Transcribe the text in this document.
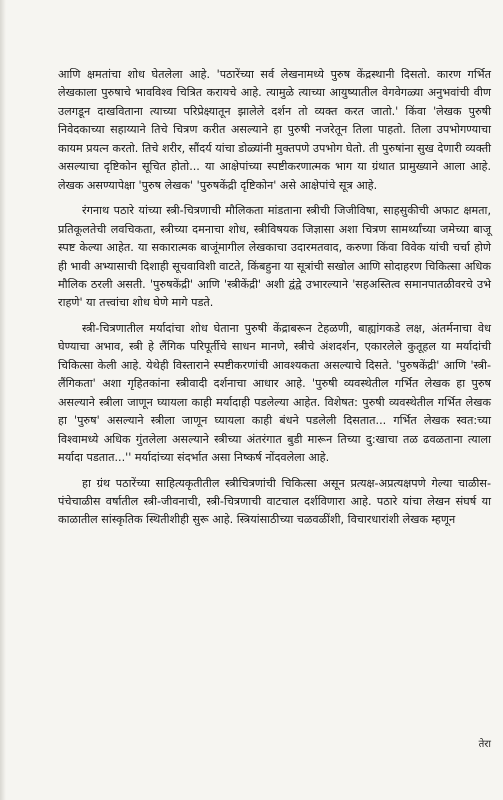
आणि क्षमतांचा शोध घेतलेला आहे. 'पठारेंच्या सर्व लेखनामध्ये पुरुष केंद्रस्थानी दिसतो. कारण गर्भित लेखकाला पुरुषाचे भावविश्व चित्रित करायचे आहे. त्यामुळे त्याच्या आयुष्यातील वेगवेगळ्या अनुभवांची वीण उलगडून दाखविताना त्याच्या परिप्रेक्ष्यातून झालेले दर्शन तो व्यक्त करत जातो.' किंवा 'लेखक पुरुषी निवेदकाच्या सहाय्याने तिचे चित्रण करीत असल्याने हा पुरुषी नजरेतून तिला पाहतो. तिला उपभोगण्याचा कायम प्रयत्न करतो. तिचे शरीर, सौंदर्य यांचा डोळ्यांनी मुक्तपणे उपभोग घेतो. ती पुरुषांना सुख देणारी व्यक्ती असल्याचा दृष्टिकोन सूचित होतो... या आक्षेपांच्या स्पष्टीकरणात्मक भाग या ग्रंथात प्रामुख्याने आला आहे. लेखक असण्यापेक्षा 'पुरुष लेखक' 'पुरुषकेंद्री दृष्टिकोन' असे आक्षेपांचे सूत्र आहे.

रंगनाथ पठारे यांच्या स्त्री-चित्रणाची मौलिकता मांडताना स्त्रीची जिजीविषा, साहसुकीची अफाट क्षमता, प्रतिकूलतेची लवचिकता, स्त्रीच्या दमनाचा शोध, स्त्रीविषयक जिज्ञासा अशा चित्रण सामर्थ्यांच्या जमेच्या बाजू स्पष्ट केल्या आहेत. या सकारात्मक बाजूंमागील लेखकाचा उदारमतवाद, करुणा किंवा विवेक यांची चर्चा होणे ही भावी अभ्यासाची दिशाही सूचवाविशी वाटते, किंबहुना या सूत्रांची सखोल आणि सोदाहरण चिकित्सा अधिक मौलिक ठरली असती. 'पुरुषकेंद्री' आणि 'स्त्रीकेंद्री' अशी द्वंद्वे उभारल्याने 'सहअस्तित्व समानपातळीवरचे उभे राहणे' या तत्त्वांचा शोध घेणे मागे पडते.

स्त्री-चित्रणातील मर्यादांचा शोध घेताना पुरुषी केंद्राबरून टेहळणी, बाह्यांगकडे लक्ष, अंतर्मनाचा वेध घेण्याचा अभाव, स्त्री हे लैंगिक परिपूर्तीचे साधन मानणे, स्त्रीचे अंशदर्शन, एकारलेले कुतूहल या मर्यादांची चिकित्सा केली आहे. येथेही विस्ताराने स्पष्टीकरणांची आवश्यकता असल्याचे दिसते. 'पुरुषकेंद्री' आणि 'स्त्री-लैंगिकता' अशा गृहितकांना स्त्रीवादी दर्शनाचा आधार आहे. 'पुरुषी व्यवस्थेतील गर्भित लेखक हा पुरुष असल्याने स्त्रीला जाणून घ्यायला काही मर्यादाही पडलेल्या आहेत. विशेषत: पुरुषी व्यवस्थेतील गर्भित लेखक हा 'पुरुष' असल्याने स्त्रीला जाणून घ्यायला काही बंधने पडलेली दिसतात... गर्भित लेखक स्वत:च्या विश्वामध्ये अधिक गुंतलेला असल्याने स्त्रीच्या अंतरंगात बुडी मारून तिच्या दु:खाचा तळ ढवळताना त्याला मर्यादा पडतात...'' मर्यादांच्या संदर्भात असा निष्कर्ष नोंदवलेला आहे.

हा ग्रंथ पठारेंच्या साहित्यकृतीतील स्त्रीचित्रणांची चिकित्सा असून प्रत्यक्ष-अप्रत्यक्षपणे गेल्या चाळीस-पंचेचाळीस वर्षातील स्त्री-जीवनाची, स्त्री-चित्रणाची वाटचाल दर्शविणारा आहे. पठारे यांचा लेखन संघर्ष या काळातील सांस्कृतिक स्थितीशीही सुरू आहे. स्त्रियांसाठीच्या चळवळींशी, विचारधारांशी लेखक म्हणून

तेरा
